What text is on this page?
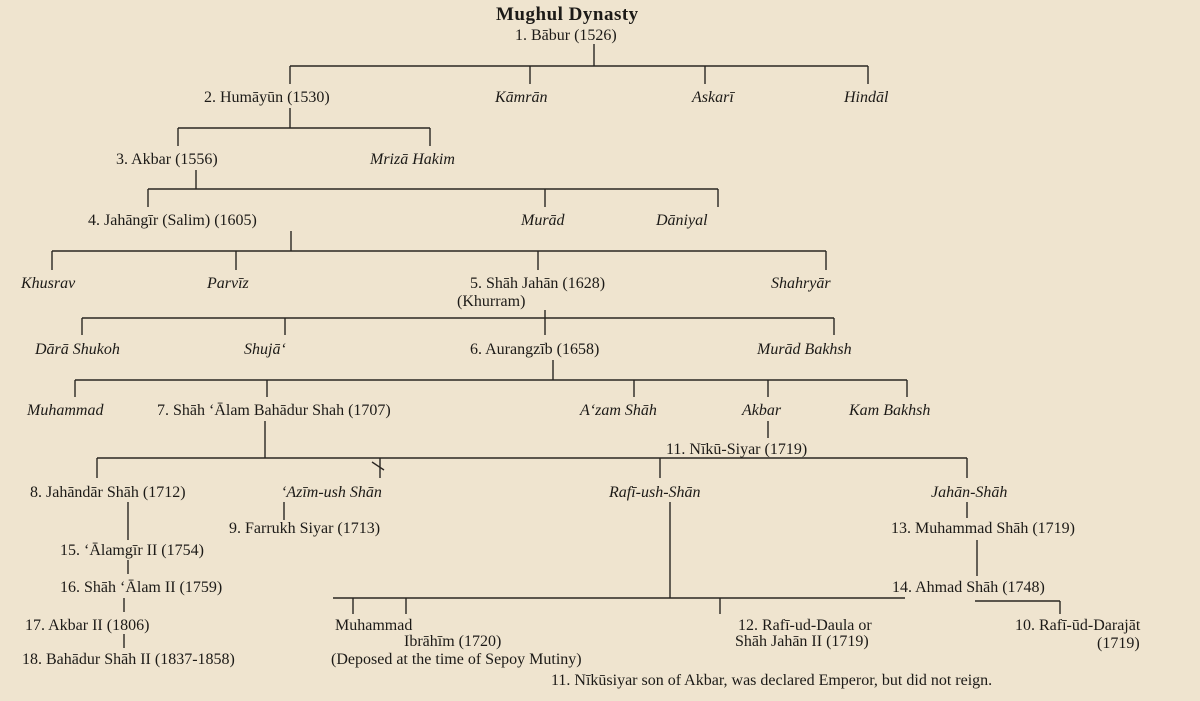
Mughul Dynasty
1. Bābur (1526)
2. Humāyūn (1530)	Kāmrān	Askarī	Hindāl
3. Akbar (1556)	Mrizā Hakim
4. Jahāngīr (Salim) (1605)	Murād	Dāniyal
Khusrav	Parvīz	5. Shāh Jahān (1628)
(Khurram)
Shahryār
Dārā Shukoh	Shujā‘	6. Aurangzīb (1658)	Murād Bakhsh
Muhammad	7. Shāh ‘Ālam Bahādur Shah (1707)	A‘zam Shāh	Akbar	Kam Bakhsh
11. Nīkū-Siyar (1719)
8. Jahāndār Shāh (1712)	‘Azīm-ush Shān	Rafī-ush-Shān	Jahān-Shāh
9. Farrukh Siyar (1713)	13. Muhammad Shāh (1719)
15. ‘Ālamgīr II (1754)
16. Shāh ‘Ālam II (1759)	14. Ahmad Shāh (1748)
17. Akbar II (1806)	Muhammad
Ibrāhīm (1720)
12. Rafī-ud-Daula or
Shāh Jahān II (1719)
10. Rafī-ūd-Darajāt
(1719)
18. Bahādur Shāh II (1837-1858)	(Deposed at the time of Sepoy Mutiny)
11. Nīkūsiyar son of Akbar, was declared Emperor, but did not reign.
